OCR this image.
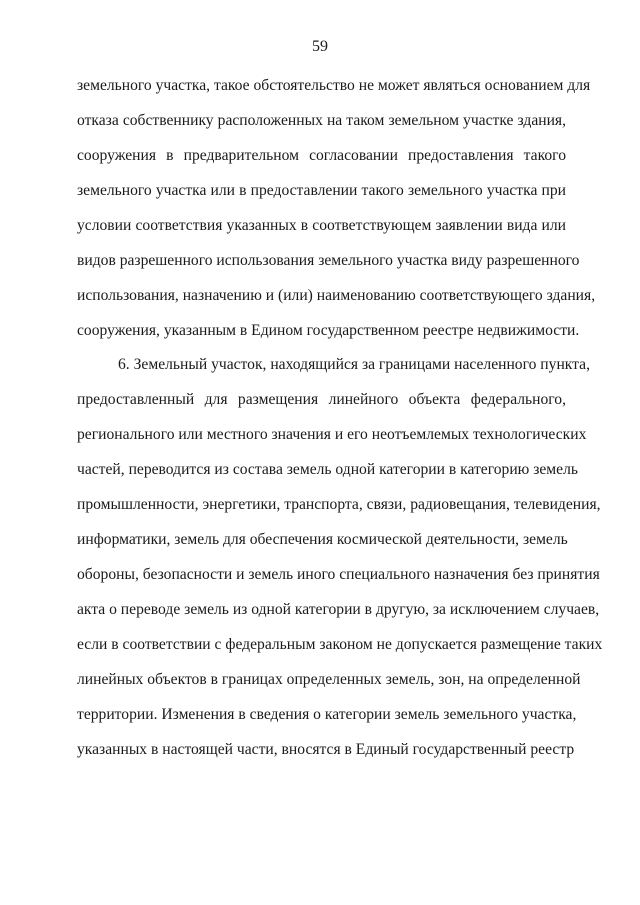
59
земельного участка, такое обстоятельство не может являться основанием для
отказа собственнику расположенных на таком земельном участке здания,
сооружения в предварительном согласовании предоставления такого
земельного участка или в предоставлении такого земельного участка при
условии соответствия указанных в соответствующем заявлении вида или
видов разрешенного использования земельного участка виду разрешенного
использования, назначению и (или) наименованию соответствующего здания,
сооружения, указанным в Едином государственном реестре недвижимости.
6. Земельный участок, находящийся за границами населенного пункта,
предоставленный для размещения линейного объекта федерального,
регионального или местного значения и его неотъемлемых технологических
частей, переводится из состава земель одной категории в категорию земель
промышленности, энергетики, транспорта, связи, радиовещания, телевидения,
информатики, земель для обеспечения космической деятельности, земель
обороны, безопасности и земель иного специального назначения без принятия
акта о переводе земель из одной категории в другую, за исключением случаев,
если в соответствии с федеральным законом не допускается размещение таких
линейных объектов в границах определенных земель, зон, на определенной
территории. Изменения в сведения о категории земель земельного участка,
указанных в настоящей части, вносятся в Единый государственный реестр
